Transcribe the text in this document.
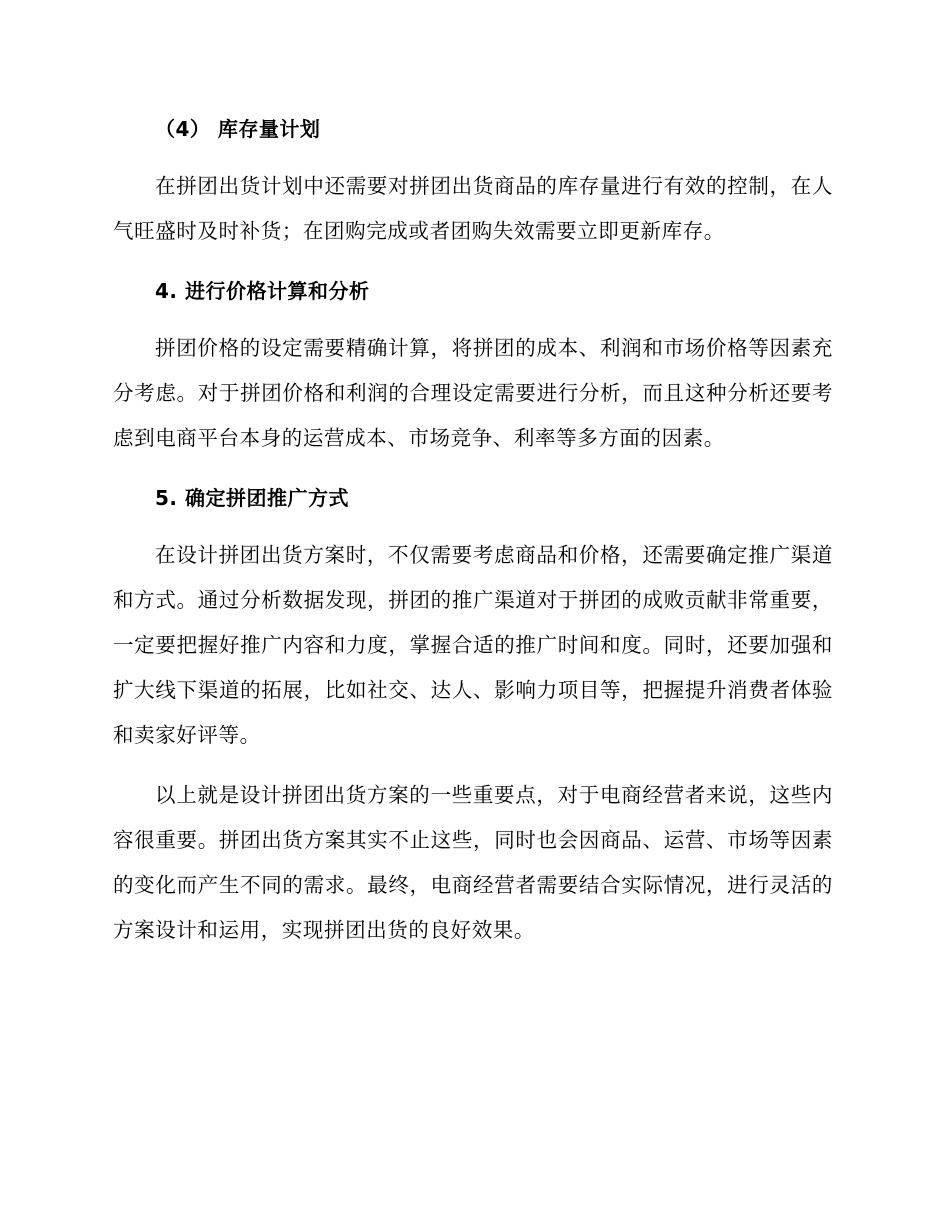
（4） 库存量计划

在拼团出货计划中还需要对拼团出货商品的库存量进行有效的控制，在人气旺盛时及时补货；在团购完成或者团购失效需要立即更新库存。

4. 进行价格计算和分析

拼团价格的设定需要精确计算，将拼团的成本、利润和市场价格等因素充分考虑。对于拼团价格和利润的合理设定需要进行分析，而且这种分析还要考虑到电商平台本身的运营成本、市场竞争、利率等多方面的因素。

5. 确定拼团推广方式

在设计拼团出货方案时，不仅需要考虑商品和价格，还需要确定推广渠道和方式。通过分析数据发现，拼团的推广渠道对于拼团的成败贡献非常重要，一定要把握好推广内容和力度，掌握合适的推广时间和度。同时，还要加强和扩大线下渠道的拓展，比如社交、达人、影响力项目等，把握提升消费者体验和卖家好评等。

以上就是设计拼团出货方案的一些重要点，对于电商经营者来说，这些内容很重要。拼团出货方案其实不止这些，同时也会因商品、运营、市场等因素的变化而产生不同的需求。最终，电商经营者需要结合实际情况，进行灵活的方案设计和运用，实现拼团出货的良好效果。
